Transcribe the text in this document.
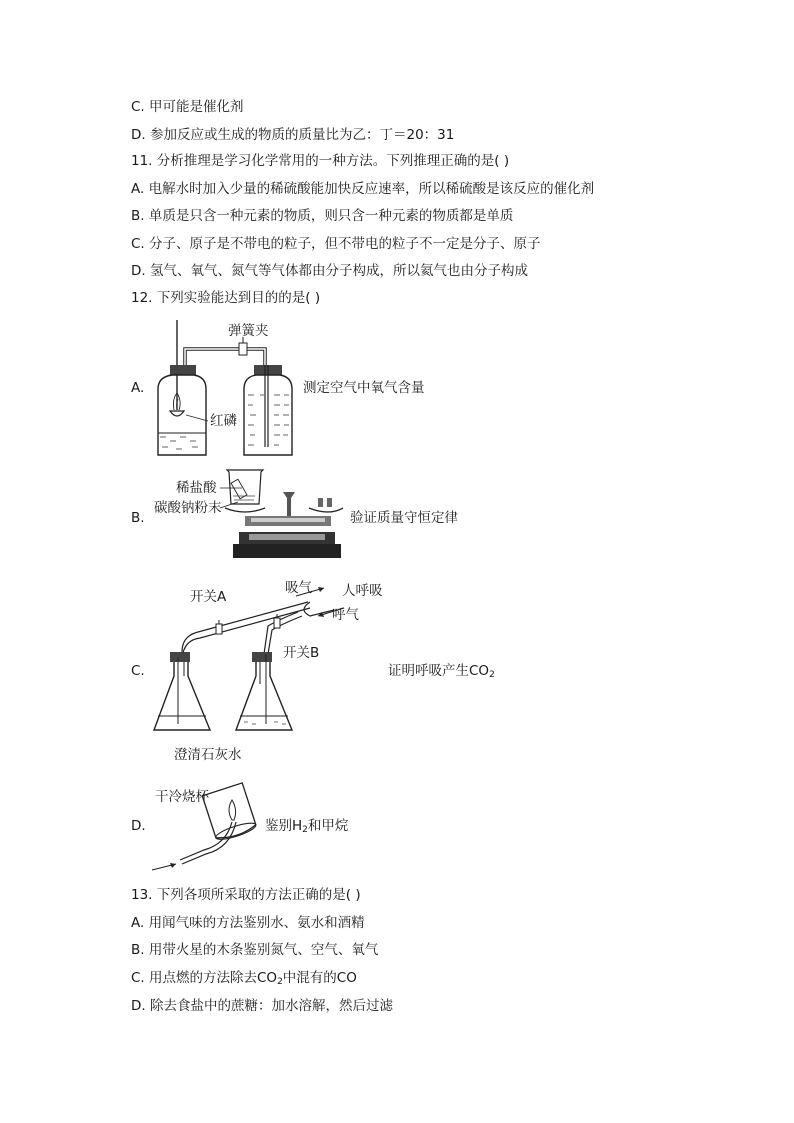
C. 甲可能是催化剂
D. 参加反应或生成的物质的质量比为乙：丁＝20：31
11. 分析推理是学习化学常用的一种方法。下列推理正确的是( )
A. 电解水时加入少量的稀硫酸能加快反应速率，所以稀硫酸是该反应的催化剂
B. 单质是只含一种元素的物质，则只含一种元素的物质都是单质
C. 分子、原子是不带电的粒子，但不带电的粒子不一定是分子、原子
D. 氢气、氧气、氮气等气体都由分子构成，所以氦气也由分子构成
12. 下列实验能达到目的的是( )
A.
弹簧夹
红磷
测定空气中氧气含量
B.
稀盐酸
碳酸钠粉末
验证质量守恒定律
C.
吸气 人呼吸
开关A
呼气
开关B
澄清石灰水
证明呼吸产生$CO_2$
D.
干冷烧杯
鉴别$H_2$和甲烷
13. 下列各项所采取的方法正确的是( )
A. 用闻气味的方法鉴别水、氨水和酒精
B. 用带火星的木条鉴别氮气、空气、氧气
C. 用点燃的方法除去$CO_2$中混有的CO
D. 除去食盐中的蔗糖：加水溶解，然后过滤
